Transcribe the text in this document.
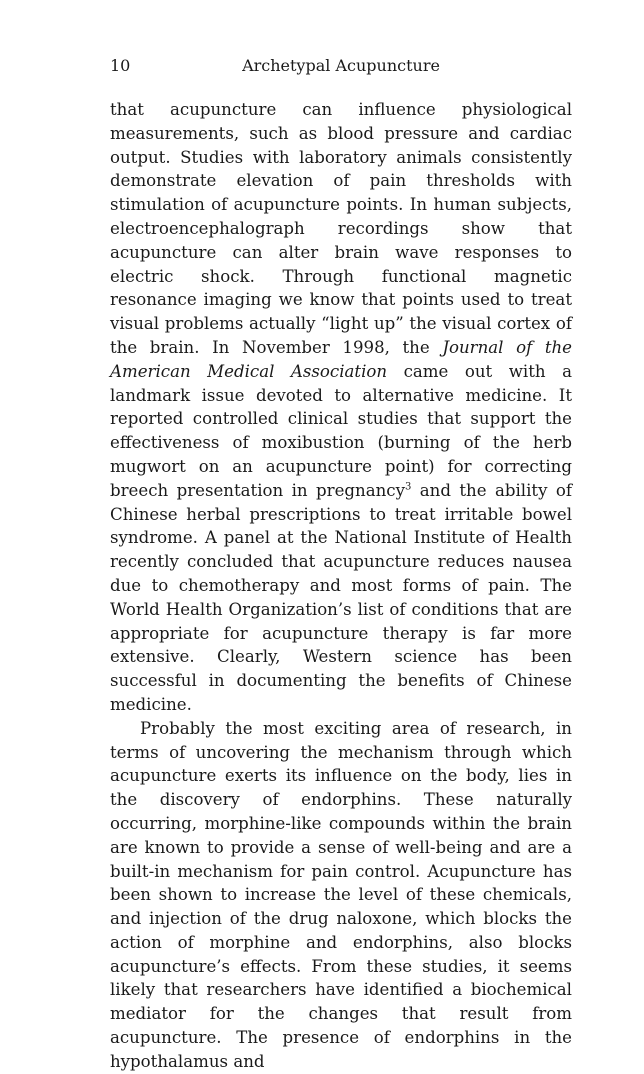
10	Archetypal Acupuncture

that acupuncture can influence physiological measurements, such as blood pressure and cardiac output. Studies with laboratory animals consistently demonstrate elevation of pain thresholds with stimulation of acupuncture points. In human subjects, electroencephalograph recordings show that acupuncture can alter brain wave responses to electric shock. Through functional magnetic resonance imaging we know that points used to treat visual problems actually “light up” the visual cortex of the brain. In November 1998, the Journal of the American Medical Association came out with a landmark issue devoted to alternative medicine. It reported controlled clinical studies that support the effectiveness of moxibustion (burning of the herb mugwort on an acupuncture point) for correcting breech presentation in pregnancy$^3$ and the ability of Chinese herbal prescriptions to treat irritable bowel syndrome. A panel at the National Institute of Health recently concluded that acupuncture reduces nausea due to chemotherapy and most forms of pain. The World Health Organization’s list of conditions that are appropriate for acupuncture therapy is far more extensive. Clearly, Western science has been successful in documenting the benefits of Chinese medicine.

Probably the most exciting area of research, in terms of uncovering the mechanism through which acupuncture exerts its influence on the body, lies in the discovery of endorphins. These naturally occurring, morphine-like compounds within the brain are known to provide a sense of well-being and are a built-in mechanism for pain control. Acupuncture has been shown to increase the level of these chemicals, and injection of the drug naloxone, which blocks the action of morphine and endorphins, also blocks acupuncture’s effects. From these studies, it seems likely that researchers have identified a biochemical mediator for the changes that result from acupuncture. The presence of endorphins in the hypothalamus and
